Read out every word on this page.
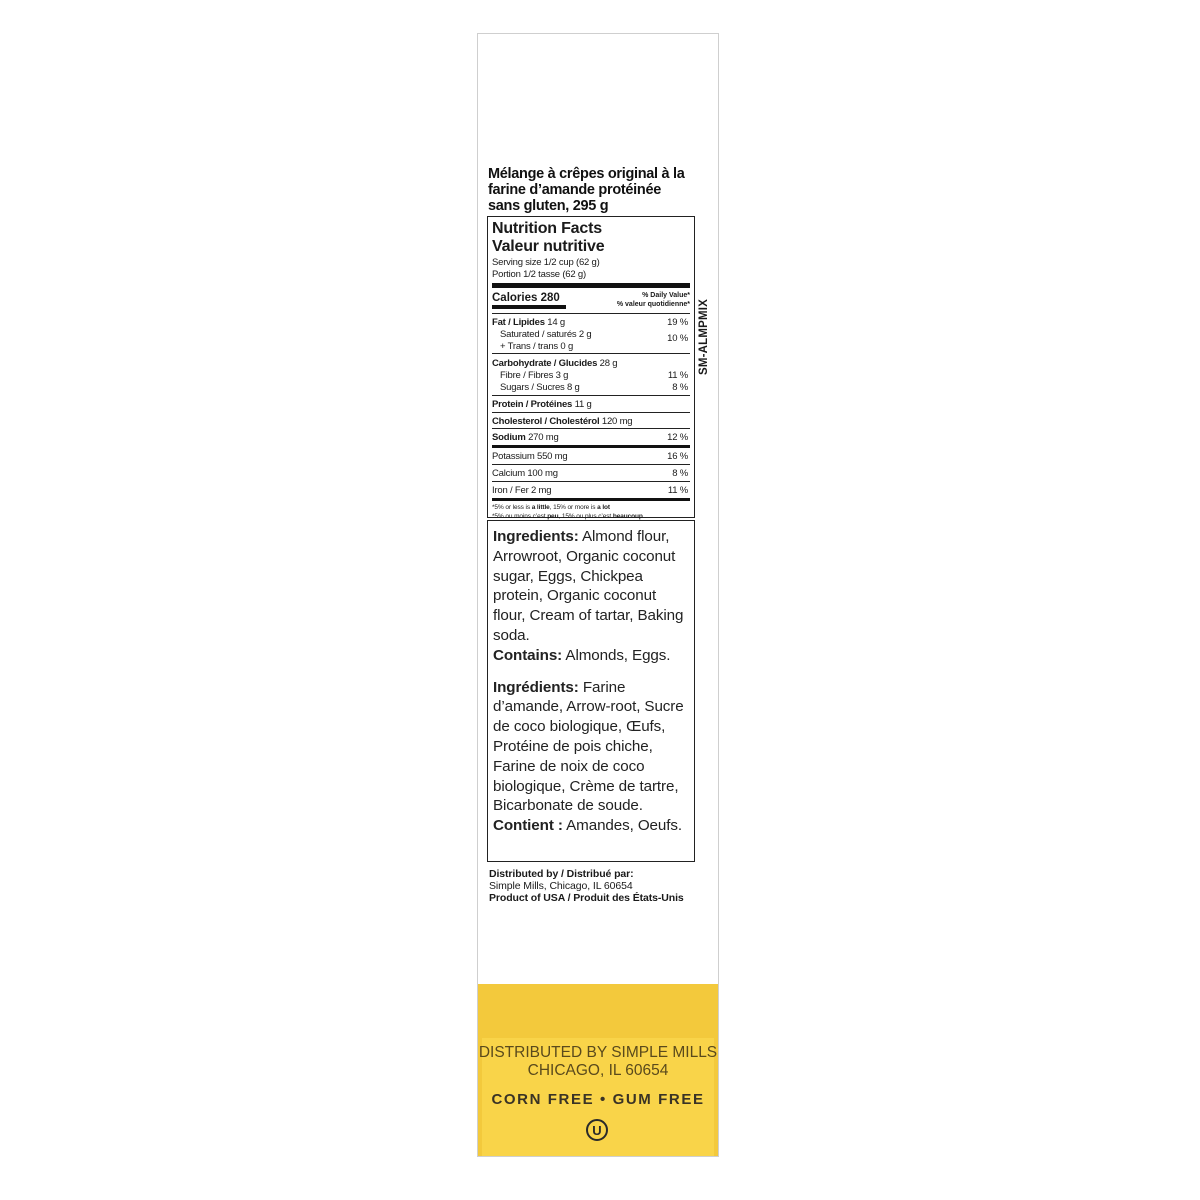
Mélange à crêpes original à la
farine d’amande protéinée
sans gluten, 295 g
Nutrition Facts
Valeur nutritive
Serving size 1/2 cup (62 g)
Portion 1/2 tasse (62 g)
Calories 280	% Daily Value*
% valeur quotidienne*
Fat / Lipides 14 g	19 %
Saturated / saturés 2 g	10 %
+ Trans / trans 0 g
Carbohydrate / Glucides 28 g
Fibre / Fibres 3 g	11 %
Sugars / Sucres 8 g	8 %
Protein / Protéines 11 g
Cholesterol / Cholestérol 120 mg
Sodium 270 mg	12 %
Potassium 550 mg	16 %
Calcium 100 mg	8 %
Iron / Fer 2 mg	11 %
*5% or less is a little, 15% or more is a lot
*5% ou moins c’est peu, 15% ou plus c’est beaucoup
SM-ALMPMIX

Ingredients: Almond flour, Arrowroot, Organic coconut sugar, Eggs, Chickpea protein, Organic coconut flour, Cream of tartar, Baking soda.
Contains: Almonds, Eggs.

Ingrédients: Farine d’amande, Arrow-root, Sucre de coco biologique, Œufs, Protéine de pois chiche, Farine de noix de coco biologique, Crème de tartre, Bicarbonate de soude. Contient : Amandes, Oeufs.

Distributed by / Distribué par:
Simple Mills, Chicago, IL 60654
Product of USA / Produit des États-Unis
DISTRIBUTED BY SIMPLE MILLS
CHICAGO, IL 60654
CORN FREE • GUM FREE
U
